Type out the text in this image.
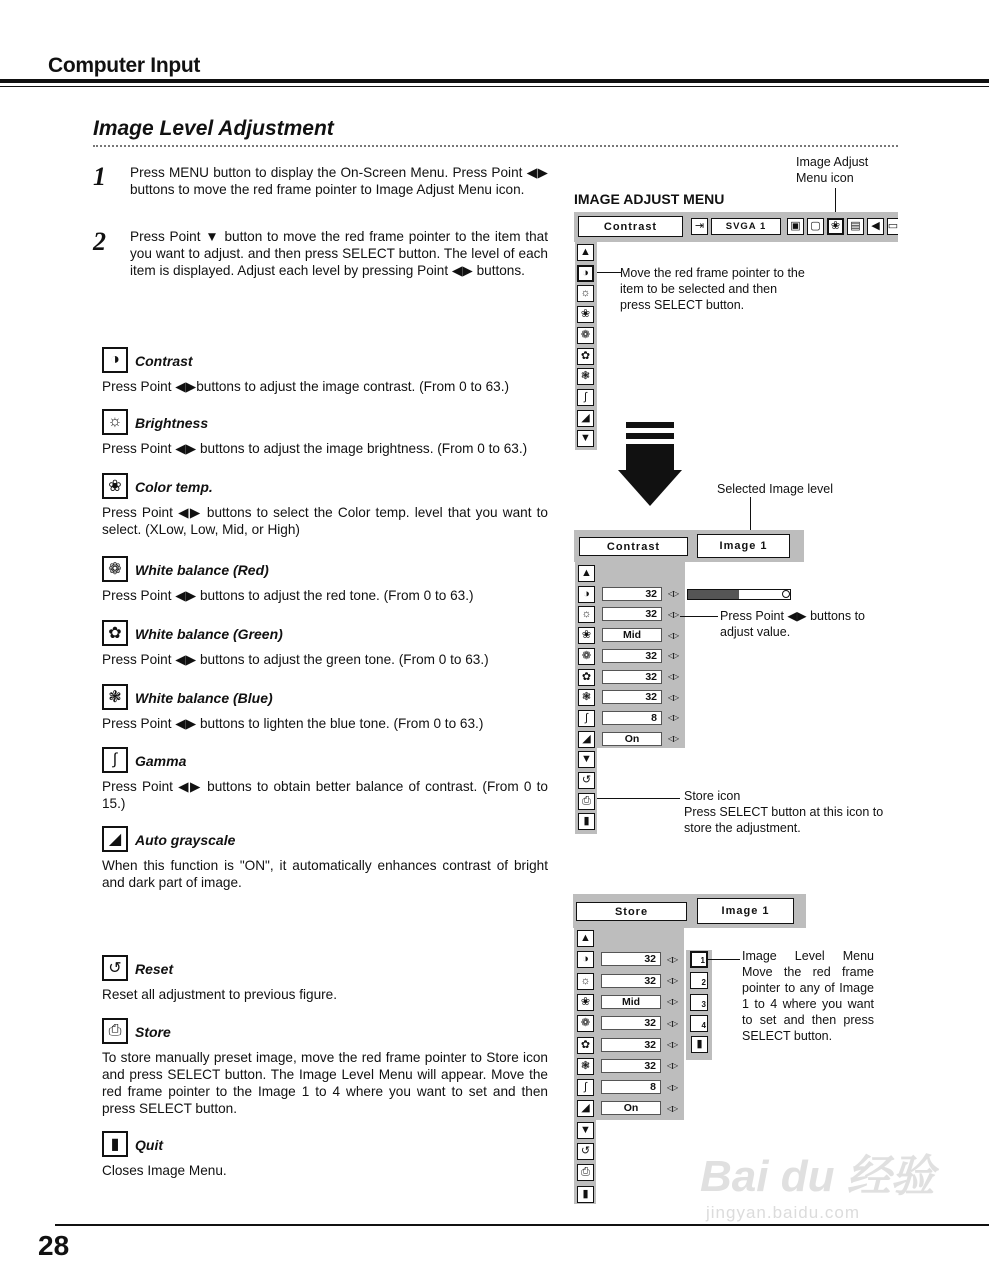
Computer Input
Image Level Adjustment
1 Press MENU button to display the On-Screen Menu. Press Point ◀▶ buttons to move the red frame pointer to Image Adjust Menu icon.
2 Press Point ▼ button to move the red frame pointer to the item that you want to adjust. and then press SELECT button. The level of each item is displayed. Adjust each level by pressing Point ◀▶ buttons.
◑	Contrast
Press Point ◀▶buttons to adjust the image contrast. (From 0 to 63.)
☼ Brightness
Press Point ◀▶ buttons to adjust the image brightness. (From 0 to 63.)
❀ Color temp.
Press Point ◀▶ buttons to select the Color temp. level that you want to select. (XLow, Low, Mid, or High)
❁ White balance (Red)
Press Point ◀▶ buttons to adjust the red tone. (From 0 to 63.)
✿ White balance (Green)
Press Point ◀▶ buttons to adjust the green tone. (From 0 to 63.)
❃ White balance (Blue)
Press Point ◀▶ buttons to lighten the blue tone. (From 0 to 63.)
∫	Gamma
Press Point ◀▶ buttons to obtain better balance of contrast. (From 0 to 15.)
◢ Auto grayscale
When this function is "ON", it automatically enhances contrast of bright and dark part of image.
↺ Reset
Reset all adjustment to previous figure.
⎙ Store
To store manually preset image, move the red frame pointer to Store icon and press SELECT button. The Image Level Menu will appear. Move the red frame pointer to the Image 1 to 4 where you want to set and then press SELECT button.
▮	Quit
Closes Image Menu.
Image Adjust Menu icon
IMAGE ADJUST MENU
Contrast	⇥	SVGA 1	▣ ▢ ❀ ▤ ◀ ▭
▲
◑
☼
❀
❁
✿
❃
∫
◢
▼
Move the red frame pointer to the item to be selected and then press SELECT button.
Selected Image level
Contrast	Image 1
▲
◑	32	◁▷
☼	32	◁▷
❀	Mid	◁▷
❁	32	◁▷
✿	32	◁▷
❃	32	◁▷
∫	8	◁▷
◢	On	◁▷
▼
↺
⎙
▮
Press Point ◀▶ buttons to adjust value.
Store icon
Press SELECT button at this icon to store the adjustment.
Store	Image 1
▲
◑	32	◁▷
☼	32	◁▷
❀	Mid	◁▷
❁	32	◁▷
✿	32	◁▷
❃	32	◁▷
∫	8	◁▷
◢	On	◁▷
▼
↺
⎙
▮
1
2
3
4
▮
Image Level Menu Move the red frame pointer to any of Image 1 to 4 where you want to set and then press SELECT button.
Bai du 经验
jingyan.baidu.com
28
